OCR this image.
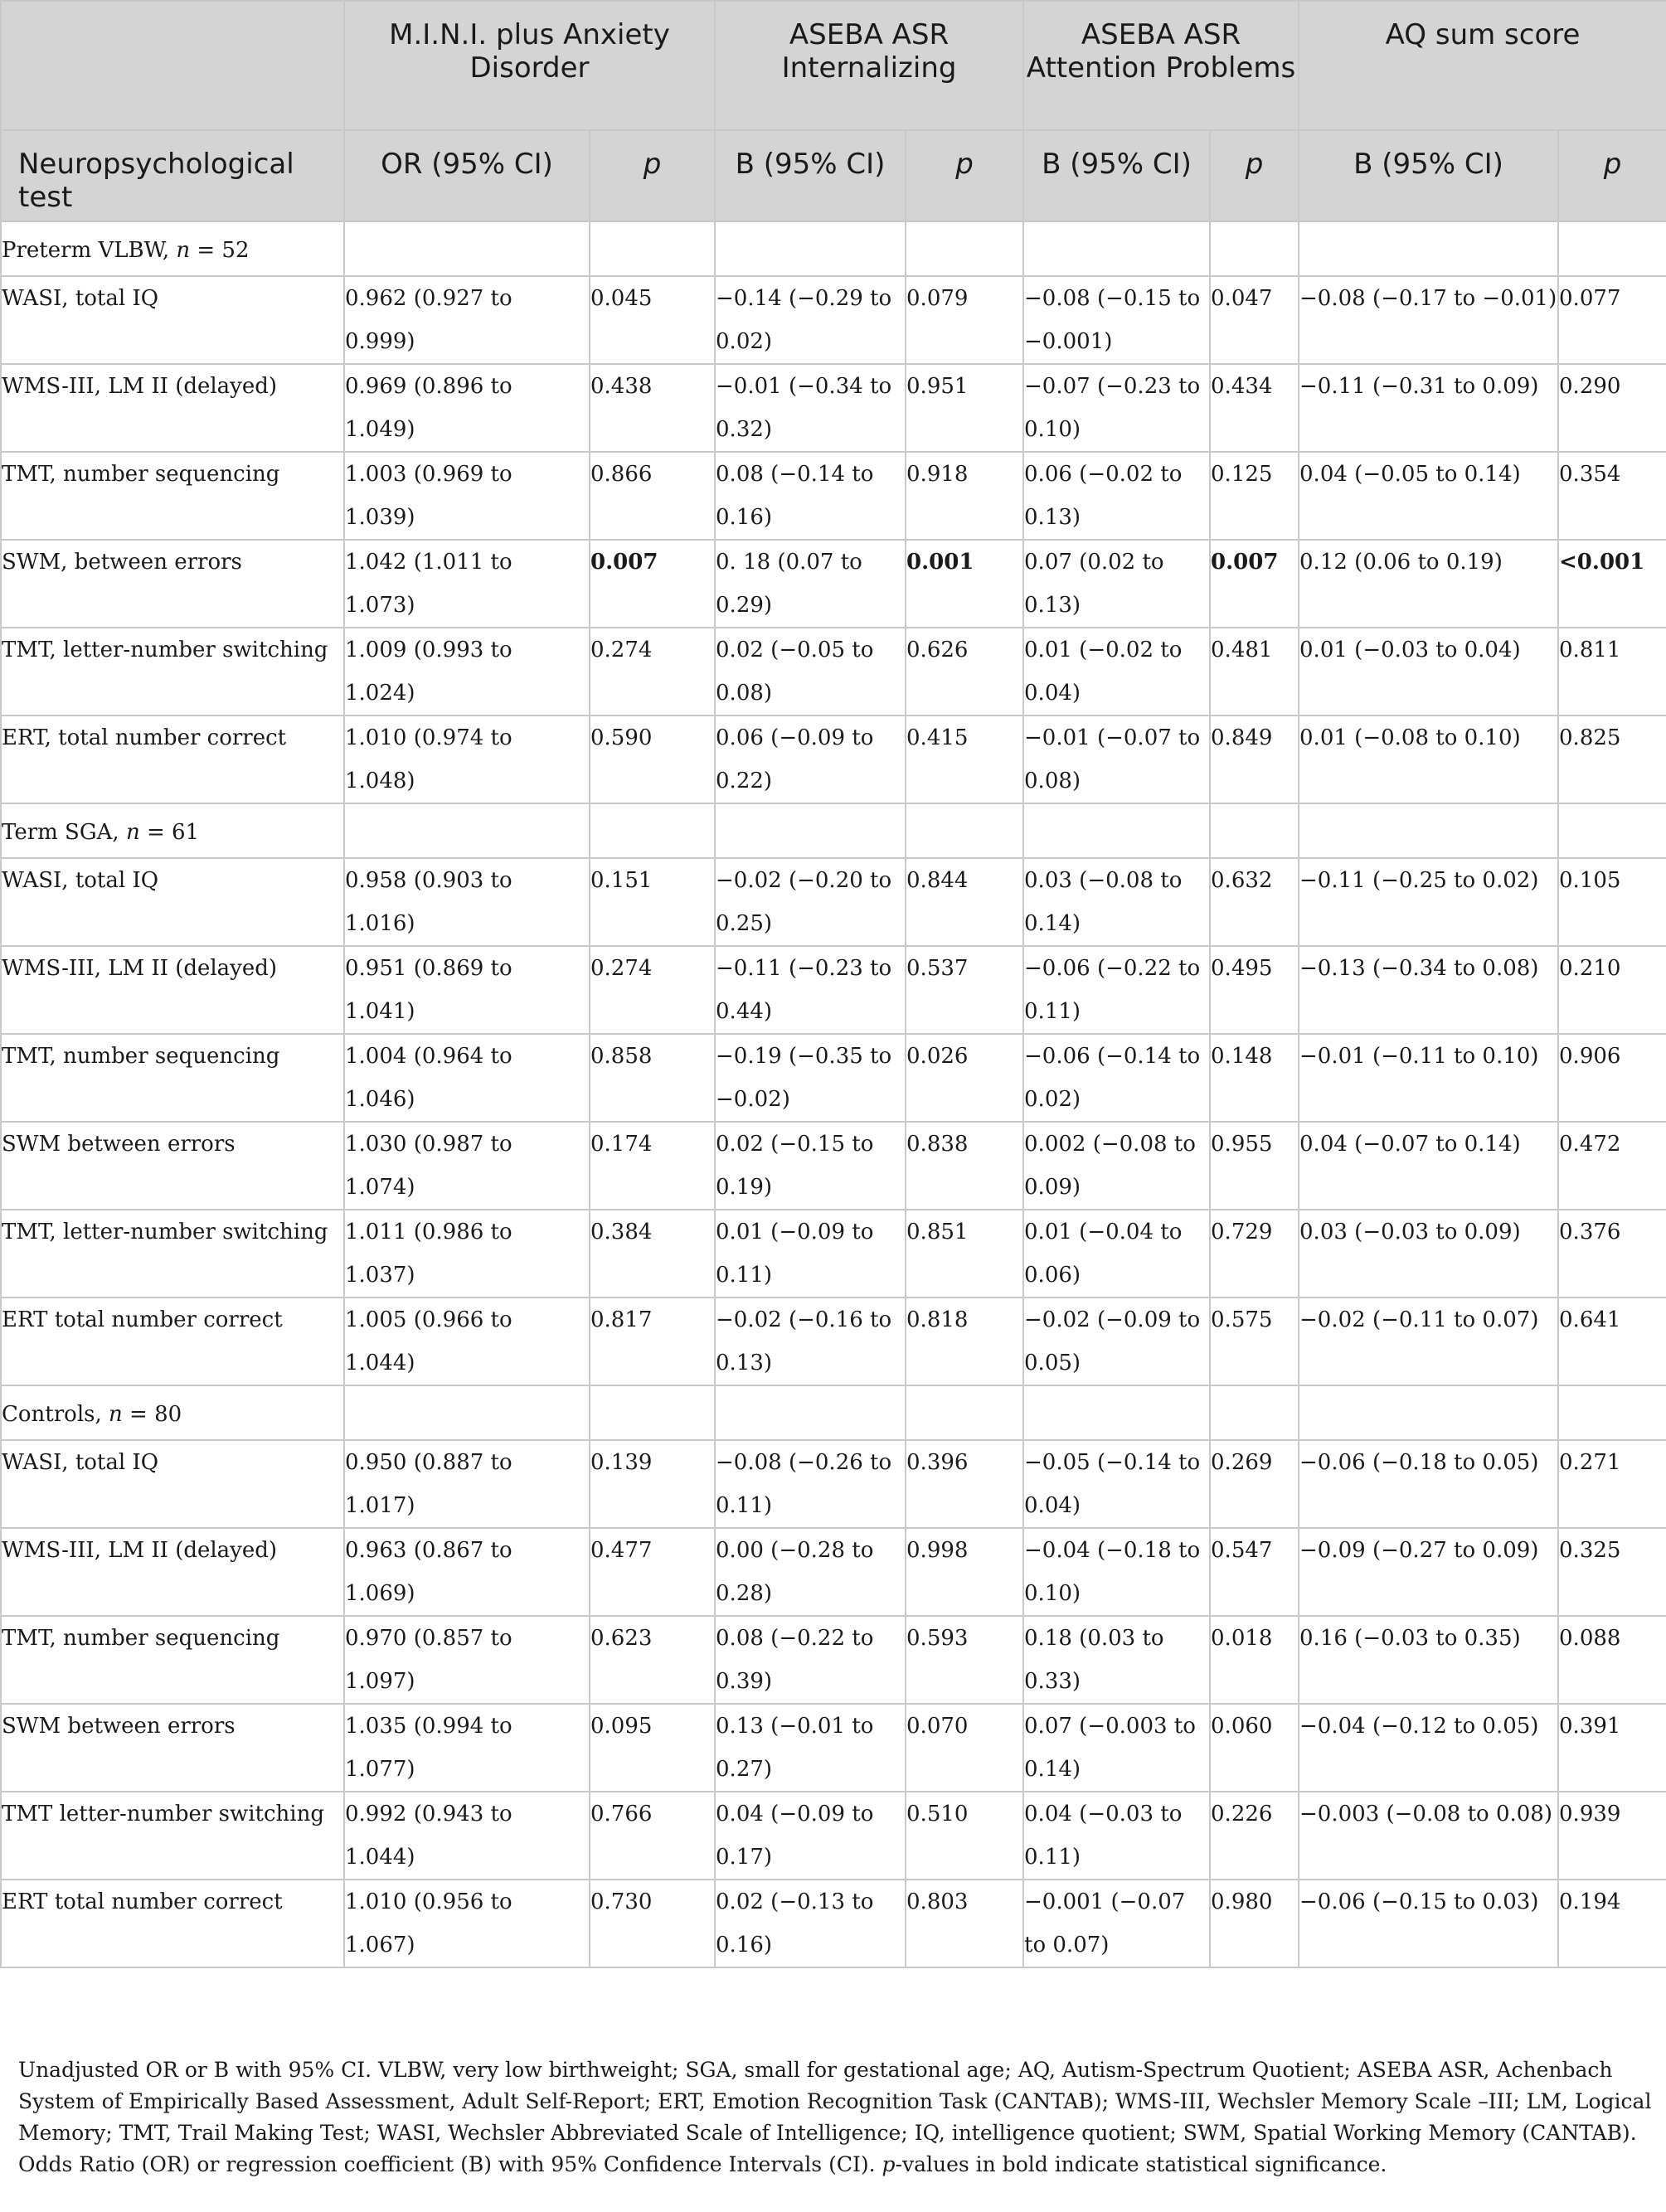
	M.I.N.I. plus Anxiety Disorder		ASEBA ASR Internalizing		ASEBA ASR Attention Problems		AQ sum score	
Neuropsychological test	OR (95% CI)	p	B (95% CI)	p	B (95% CI)	p	B (95% CI)	p
Preterm VLBW, n = 52								
WASI, total IQ	0.962 (0.927 to 0.999)	0.045	−0.14 (−0.29 to 0.02)	0.079	−0.08 (−0.15 to −0.001)	0.047	−0.08 (−0.17 to −0.01)	0.077
WMS-III, LM II (delayed)	0.969 (0.896 to 1.049)	0.438	−0.01 (−0.34 to 0.32)	0.951	−0.07 (−0.23 to 0.10)	0.434	−0.11 (−0.31 to 0.09)	0.290
TMT, number sequencing	1.003 (0.969 to 1.039)	0.866	0.08 (−0.14 to 0.16)	0.918	0.06 (−0.02 to 0.13)	0.125	0.04 (−0.05 to 0.14)	0.354
SWM, between errors	1.042 (1.011 to 1.073)	0.007	0. 18 (0.07 to 0.29)	0.001	0.07 (0.02 to 0.13)	0.007	0.12 (0.06 to 0.19)	<0.001
TMT, letter-number switching	1.009 (0.993 to 1.024)	0.274	0.02 (−0.05 to 0.08)	0.626	0.01 (−0.02 to 0.04)	0.481	0.01 (−0.03 to 0.04)	0.811
ERT, total number correct	1.010 (0.974 to 1.048)	0.590	0.06 (−0.09 to 0.22)	0.415	−0.01 (−0.07 to 0.08)	0.849	0.01 (−0.08 to 0.10)	0.825
Term SGA, n = 61								
WASI, total IQ	0.958 (0.903 to 1.016)	0.151	−0.02 (−0.20 to 0.25)	0.844	0.03 (−0.08 to 0.14)	0.632	−0.11 (−0.25 to 0.02)	0.105
WMS-III, LM II (delayed)	0.951 (0.869 to 1.041)	0.274	−0.11 (−0.23 to 0.44)	0.537	−0.06 (−0.22 to 0.11)	0.495	−0.13 (−0.34 to 0.08)	0.210
TMT, number sequencing	1.004 (0.964 to 1.046)	0.858	−0.19 (−0.35 to −0.02)	0.026	−0.06 (−0.14 to 0.02)	0.148	−0.01 (−0.11 to 0.10)	0.906
SWM between errors	1.030 (0.987 to 1.074)	0.174	0.02 (−0.15 to 0.19)	0.838	0.002 (−0.08 to 0.09)	0.955	0.04 (−0.07 to 0.14)	0.472
TMT, letter-number switching	1.011 (0.986 to 1.037)	0.384	0.01 (−0.09 to 0.11)	0.851	0.01 (−0.04 to 0.06)	0.729	0.03 (−0.03 to 0.09)	0.376
ERT total number correct	1.005 (0.966 to 1.044)	0.817	−0.02 (−0.16 to 0.13)	0.818	−0.02 (−0.09 to 0.05)	0.575	−0.02 (−0.11 to 0.07)	0.641
Controls, n = 80								
WASI, total IQ	0.950 (0.887 to 1.017)	0.139	−0.08 (−0.26 to 0.11)	0.396	−0.05 (−0.14 to 0.04)	0.269	−0.06 (−0.18 to 0.05)	0.271
WMS-III, LM II (delayed)	0.963 (0.867 to 1.069)	0.477	0.00 (−0.28 to 0.28)	0.998	−0.04 (−0.18 to 0.10)	0.547	−0.09 (−0.27 to 0.09)	0.325
TMT, number sequencing	0.970 (0.857 to 1.097)	0.623	0.08 (−0.22 to 0.39)	0.593	0.18 (0.03 to 0.33)	0.018	0.16 (−0.03 to 0.35)	0.088
SWM between errors	1.035 (0.994 to 1.077)	0.095	0.13 (−0.01 to 0.27)	0.070	0.07 (−0.003 to 0.14)	0.060	−0.04 (−0.12 to 0.05)	0.391
TMT letter-number switching	0.992 (0.943 to 1.044)	0.766	0.04 (−0.09 to 0.17)	0.510	0.04 (−0.03 to 0.11)	0.226	−0.003 (−0.08 to 0.08)	0.939
ERT total number correct	1.010 (0.956 to 1.067)	0.730	0.02 (−0.13 to 0.16)	0.803	−0.001 (−0.07 to 0.07)	0.980	−0.06 (−0.15 to 0.03)	0.194
Unadjusted OR or B with 95% CI. VLBW, very low birthweight; SGA, small for gestational age; AQ, Autism-Spectrum Quotient; ASEBA ASR, Achenbach System of Empirically Based Assessment, Adult Self-Report; ERT, Emotion Recognition Task (CANTAB); WMS-III, Wechsler Memory Scale –III; LM, Logical Memory; TMT, Trail Making Test; WASI, Wechsler Abbreviated Scale of Intelligence; IQ, intelligence quotient; SWM, Spatial Working Memory (CANTAB). Odds Ratio (OR) or regression coefficient (B) with 95% Confidence Intervals (CI). p-values in bold indicate statistical significance.
